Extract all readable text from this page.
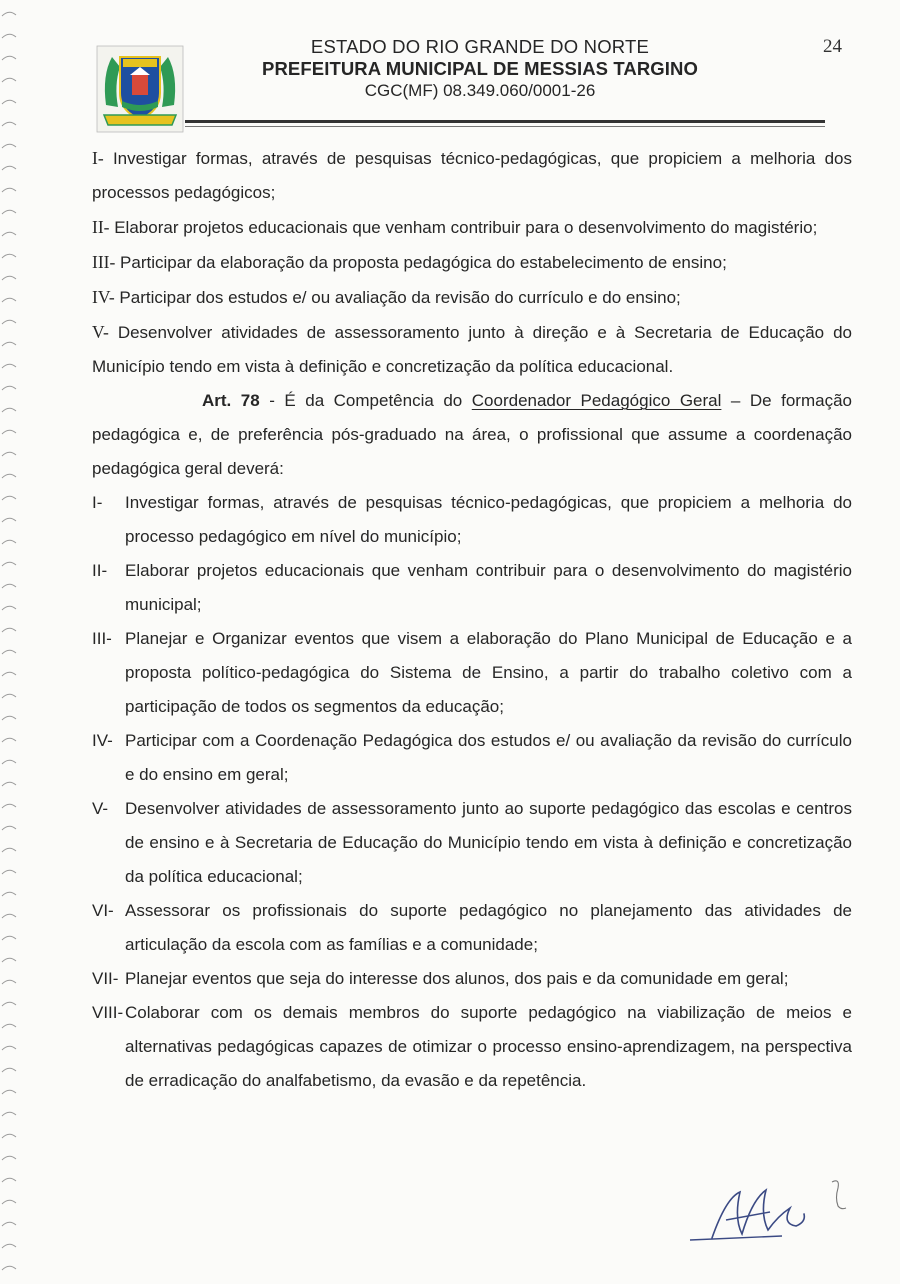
24
ESTADO DO RIO GRANDE DO NORTE
PREFEITURA MUNICIPAL DE MESSIAS TARGINO
CGC(MF) 08.349.060/0001-26

I- Investigar formas, através de pesquisas técnico-pedagógicas, que propiciem a melhoria dos processos pedagógicos;

II- Elaborar projetos educacionais que venham contribuir para o desenvolvimento do magistério;

III- Participar da elaboração da proposta pedagógica do estabelecimento de ensino;

IV- Participar dos estudos e/ ou avaliação da revisão do currículo e do ensino;

V- Desenvolver atividades de assessoramento junto à direção e à Secretaria de Educação do Município tendo em vista à definição e concretização da política educacional.

Art. 78 - É da Competência do Coordenador Pedagógico Geral – De formação pedagógica e, de preferência pós-graduado na área, o profissional que assume a coordenação pedagógica geral deverá:

I- Investigar formas, através de pesquisas técnico-pedagógicas, que propiciem a melhoria do processo pedagógico em nível do município;
II- Elaborar projetos educacionais que venham contribuir para o desenvolvimento do magistério municipal;
III- Planejar e Organizar eventos que visem a elaboração do Plano Municipal de Educação e a proposta político-pedagógica do Sistema de Ensino, a partir do trabalho coletivo com a participação de todos os segmentos da educação;
IV- Participar com a Coordenação Pedagógica dos estudos e/ ou avaliação da revisão do currículo e do ensino em geral;
V- Desenvolver atividades de assessoramento junto ao suporte pedagógico das escolas e centros de ensino e à Secretaria de Educação do Município tendo em vista à definição e concretização da política educacional;
VI- Assessorar os profissionais do suporte pedagógico no planejamento das atividades de articulação da escola com as famílias e a comunidade;
VII- Planejar eventos que seja do interesse dos alunos, dos pais e da comunidade em geral;
VIII- Colaborar com os demais membros do suporte pedagógico na viabilização de meios e alternativas pedagógicas capazes de otimizar o processo ensino-aprendizagem, na perspectiva de erradicação do analfabetismo, da evasão e da repetência.
